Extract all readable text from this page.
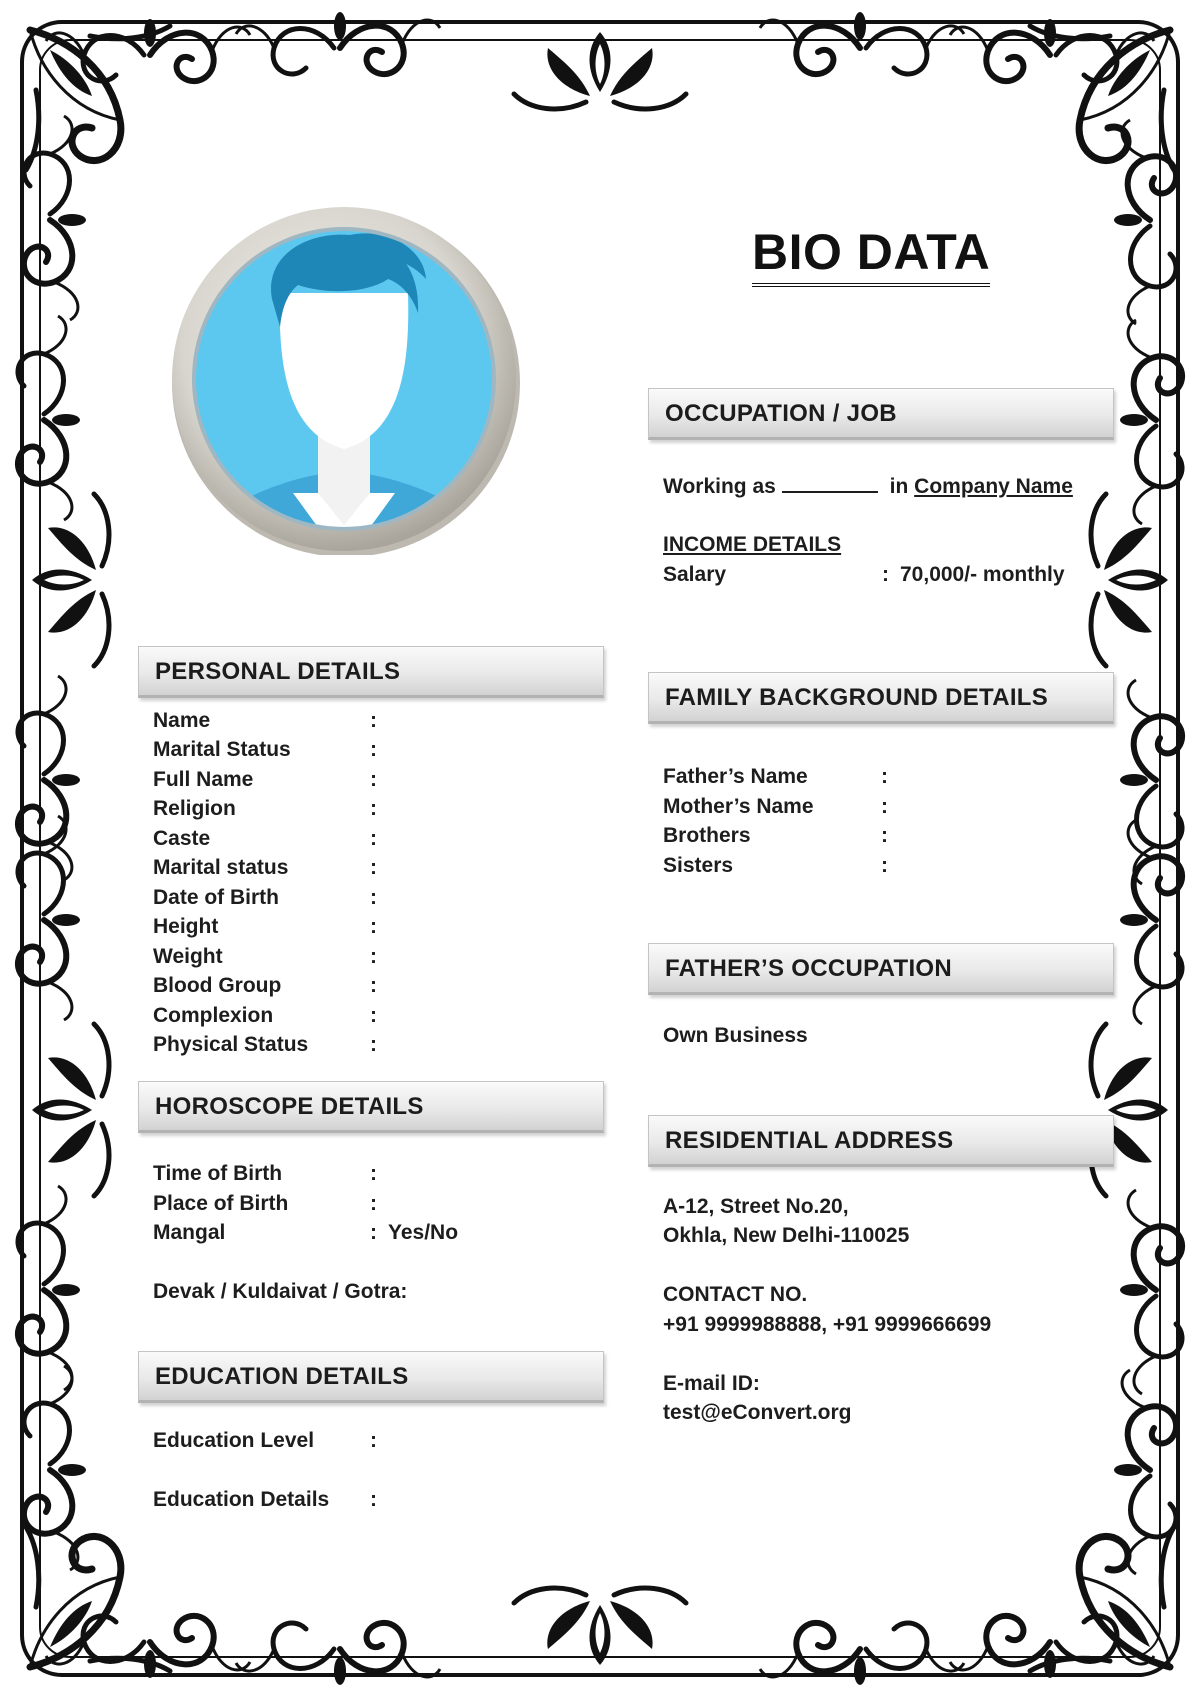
BIO DATA
OCCUPATION / JOB
Working as	in Company Name
INCOME DETAILS
Salary	: 70,000/- monthly
PERSONAL DETAILS
Name	:
Marital Status	:
Full Name	:
Religion	:
Caste	:
Marital status	:
Date of Birth	:
Height	:
Weight	:
Blood Group	:
Complexion	:
Physical Status	:
FAMILY BACKGROUND DETAILS
Father’s Name	:
Mother’s Name	:
Brothers	:
Sisters	:
FATHER’S OCCUPATION
Own Business
HOROSCOPE DETAILS
Time of Birth	:
Place of Birth	:
Mangal	: Yes/No
Devak / Kuldaivat / Gotra:
RESIDENTIAL ADDRESS
A-12, Street No.20,
Okhla, New Delhi-110025
CONTACT NO.
+91 9999988888, +91 9999666699
E-mail ID:
test@eConvert.org
EDUCATION DETAILS
Education Level	:
Education Details :
